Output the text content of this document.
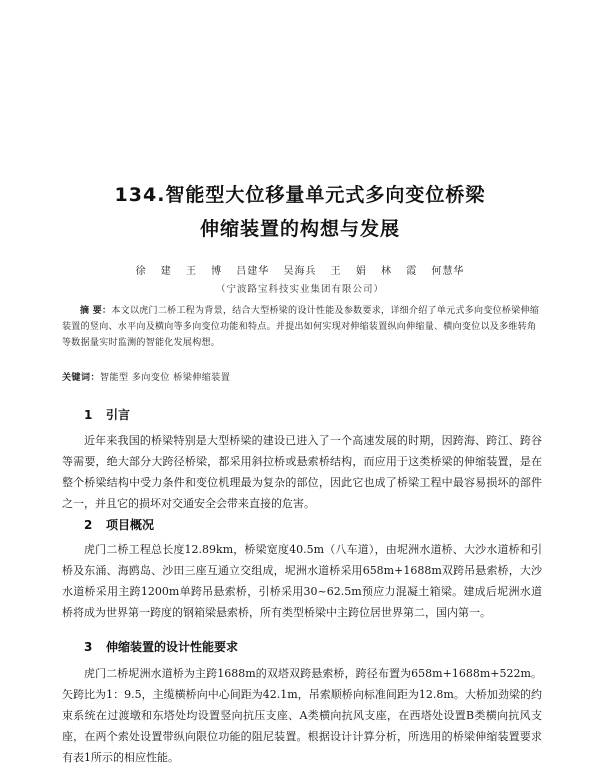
134.智能型大位移量单元式多向变位桥梁
伸缩装置的构想与发展
徐 建 王 博 吕建华 吴海兵 王 娟 林 霞 何慧华
（宁波路宝科技实业集团有限公司）
摘 要：本文以虎门二桥工程为背景，结合大型桥梁的设计性能及参数要求，详细介绍了单元式多向变位桥梁伸缩装置的竖向、水平向及横向等多向变位功能和特点。并提出如何实现对伸缩装置纵向伸缩量、横向变位以及多维转角等数据量实时监测的智能化发展构想。
关键词：智能型 多向变位 桥梁伸缩装置
1 引言
近年来我国的桥梁特别是大型桥梁的建设已进入了一个高速发展的时期，因跨海、跨江、跨谷等需要，绝大部分大跨径桥梁，都采用斜拉桥或悬索桥结构，而应用于这类桥梁的伸缩装置，是在整个桥梁结构中受力条件和变位机理最为复杂的部位，因此它也成了桥梁工程中最容易损坏的部件之一，并且它的损坏对交通安全会带来直接的危害。
2 项目概况
虎门二桥工程总长度12.89km，桥梁宽度40.5m（八车道），由坭洲水道桥、大沙水道桥和引桥及东涌、海鸥岛、沙田三座互通立交组成，坭洲水道桥采用658m+1688m双跨吊悬索桥，大沙水道桥采用主跨1200m单跨吊悬索桥，引桥采用30~62.5m预应力混凝土箱梁。建成后坭洲水道桥将成为世界第一跨度的钢箱梁悬索桥，所有类型桥梁中主跨位居世界第二，国内第一。
3 伸缩装置的设计性能要求
虎门二桥坭洲水道桥为主跨1688m的双塔双跨悬索桥，跨径布置为658m+1688m+522m。矢跨比为1：9.5，主缆横桥向中心间距为42.1m，吊索顺桥向标准间距为12.8m。大桥加劲梁的约束系统在过渡墩和东塔处均设置竖向抗压支座、A类横向抗风支座，在西塔处设置B类横向抗风支座，在两个索处设置带纵向限位功能的阻尼装置。根据设计计算分析，所选用的桥梁伸缩装置要求有表1所示的相应性能。
